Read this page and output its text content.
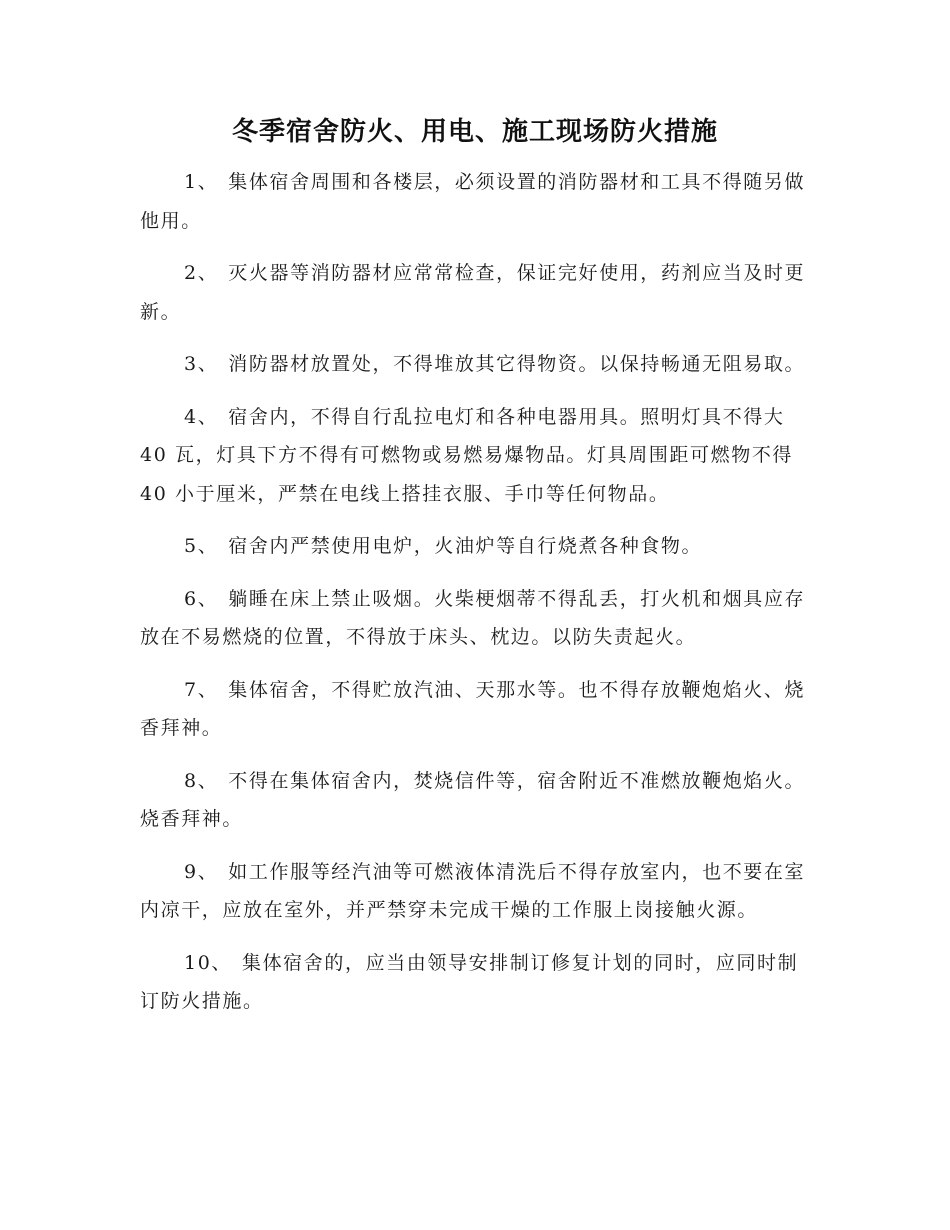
冬季宿舍防火、用电、施工现场防火措施

1、 集体宿舍周围和各楼层，必须设置的消防器材和工具不得随另做他用。

2、 灭火器等消防器材应常常检查，保证完好使用，药剂应当及时更新。

3、 消防器材放置处，不得堆放其它得物资。以保持畅通无阻易取。

4、 宿舍内，不得自行乱拉电灯和各种电器用具。照明灯具不得大 40 瓦，灯具下方不得有可燃物或易燃易爆物品。灯具周围距可燃物不得 40 小于厘米，严禁在电线上搭挂衣服、手巾等任何物品。

5、 宿舍内严禁使用电炉，火油炉等自行烧煮各种食物。

6、 躺睡在床上禁止吸烟。火柴梗烟蒂不得乱丢，打火机和烟具应存放在不易燃烧的位置，不得放于床头、枕边。以防失责起火。

7、 集体宿舍，不得贮放汽油、天那水等。也不得存放鞭炮焰火、烧香拜神。

8、 不得在集体宿舍内，焚烧信件等，宿舍附近不准燃放鞭炮焰火。烧香拜神。

9、 如工作服等经汽油等可燃液体清洗后不得存放室内，也不要在室内凉干，应放在室外，并严禁穿未完成干燥的工作服上岗接触火源。

10、 集体宿舍的，应当由领导安排制订修复计划的同时，应同时制订防火措施。
